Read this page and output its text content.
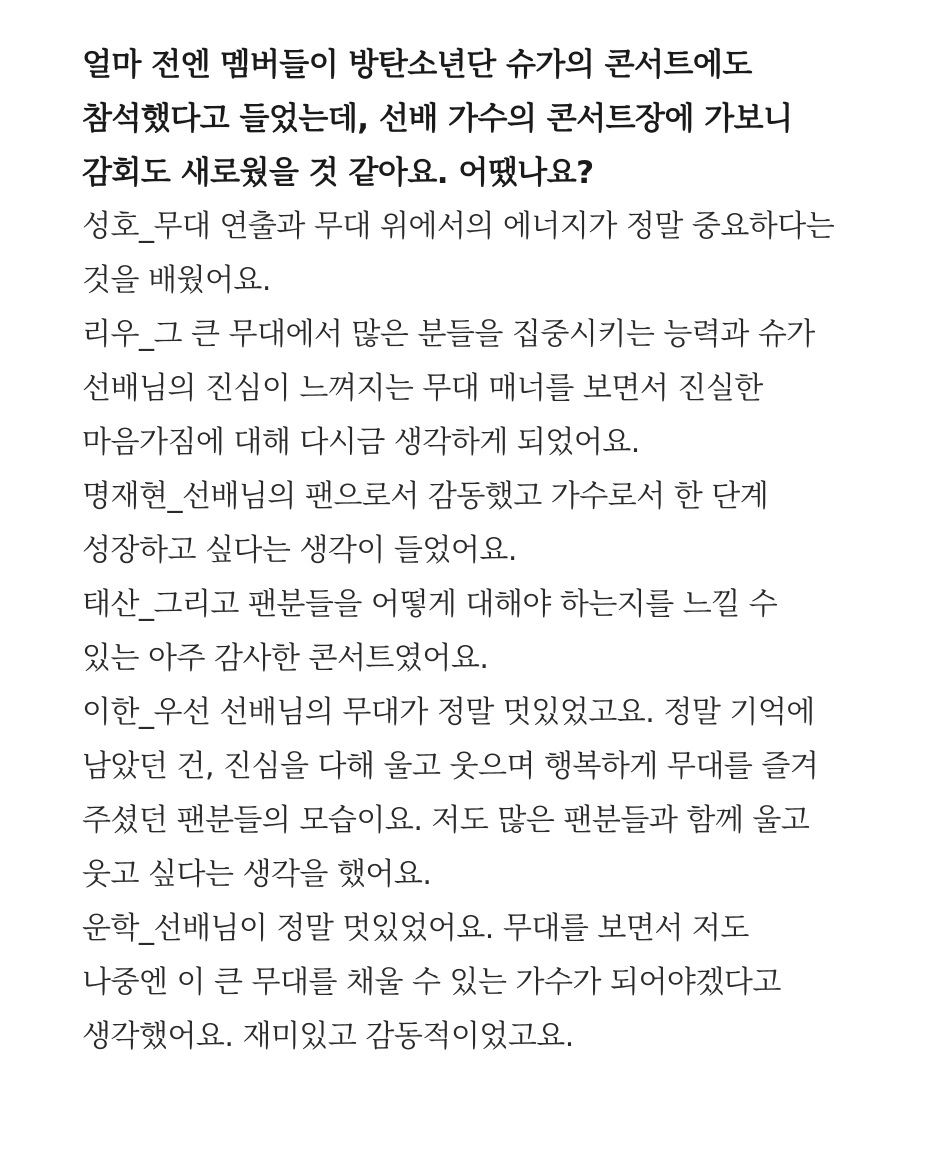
얼마 전엔 멤버들이 방탄소년단 슈가의 콘서트에도
참석했다고 들었는데, 선배 가수의 콘서트장에 가보니
감회도 새로웠을 것 같아요. 어땠나요?
성호_무대 연출과 무대 위에서의 에너지가 정말 중요하다는
것을 배웠어요.
리우_그 큰 무대에서 많은 분들을 집중시키는 능력과 슈가
선배님의 진심이 느껴지는 무대 매너를 보면서 진실한
마음가짐에 대해 다시금 생각하게 되었어요.
명재현_선배님의 팬으로서 감동했고 가수로서 한 단계
성장하고 싶다는 생각이 들었어요.
태산_그리고 팬분들을 어떻게 대해야 하는지를 느낄 수
있는 아주 감사한 콘서트였어요.
이한_우선 선배님의 무대가 정말 멋있었고요. 정말 기억에
남았던 건, 진심을 다해 울고 웃으며 행복하게 무대를 즐겨
주셨던 팬분들의 모습이요. 저도 많은 팬분들과 함께 울고
웃고 싶다는 생각을 했어요.
운학_선배님이 정말 멋있었어요. 무대를 보면서 저도
나중엔 이 큰 무대를 채울 수 있는 가수가 되어야겠다고
생각했어요. 재미있고 감동적이었고요.
